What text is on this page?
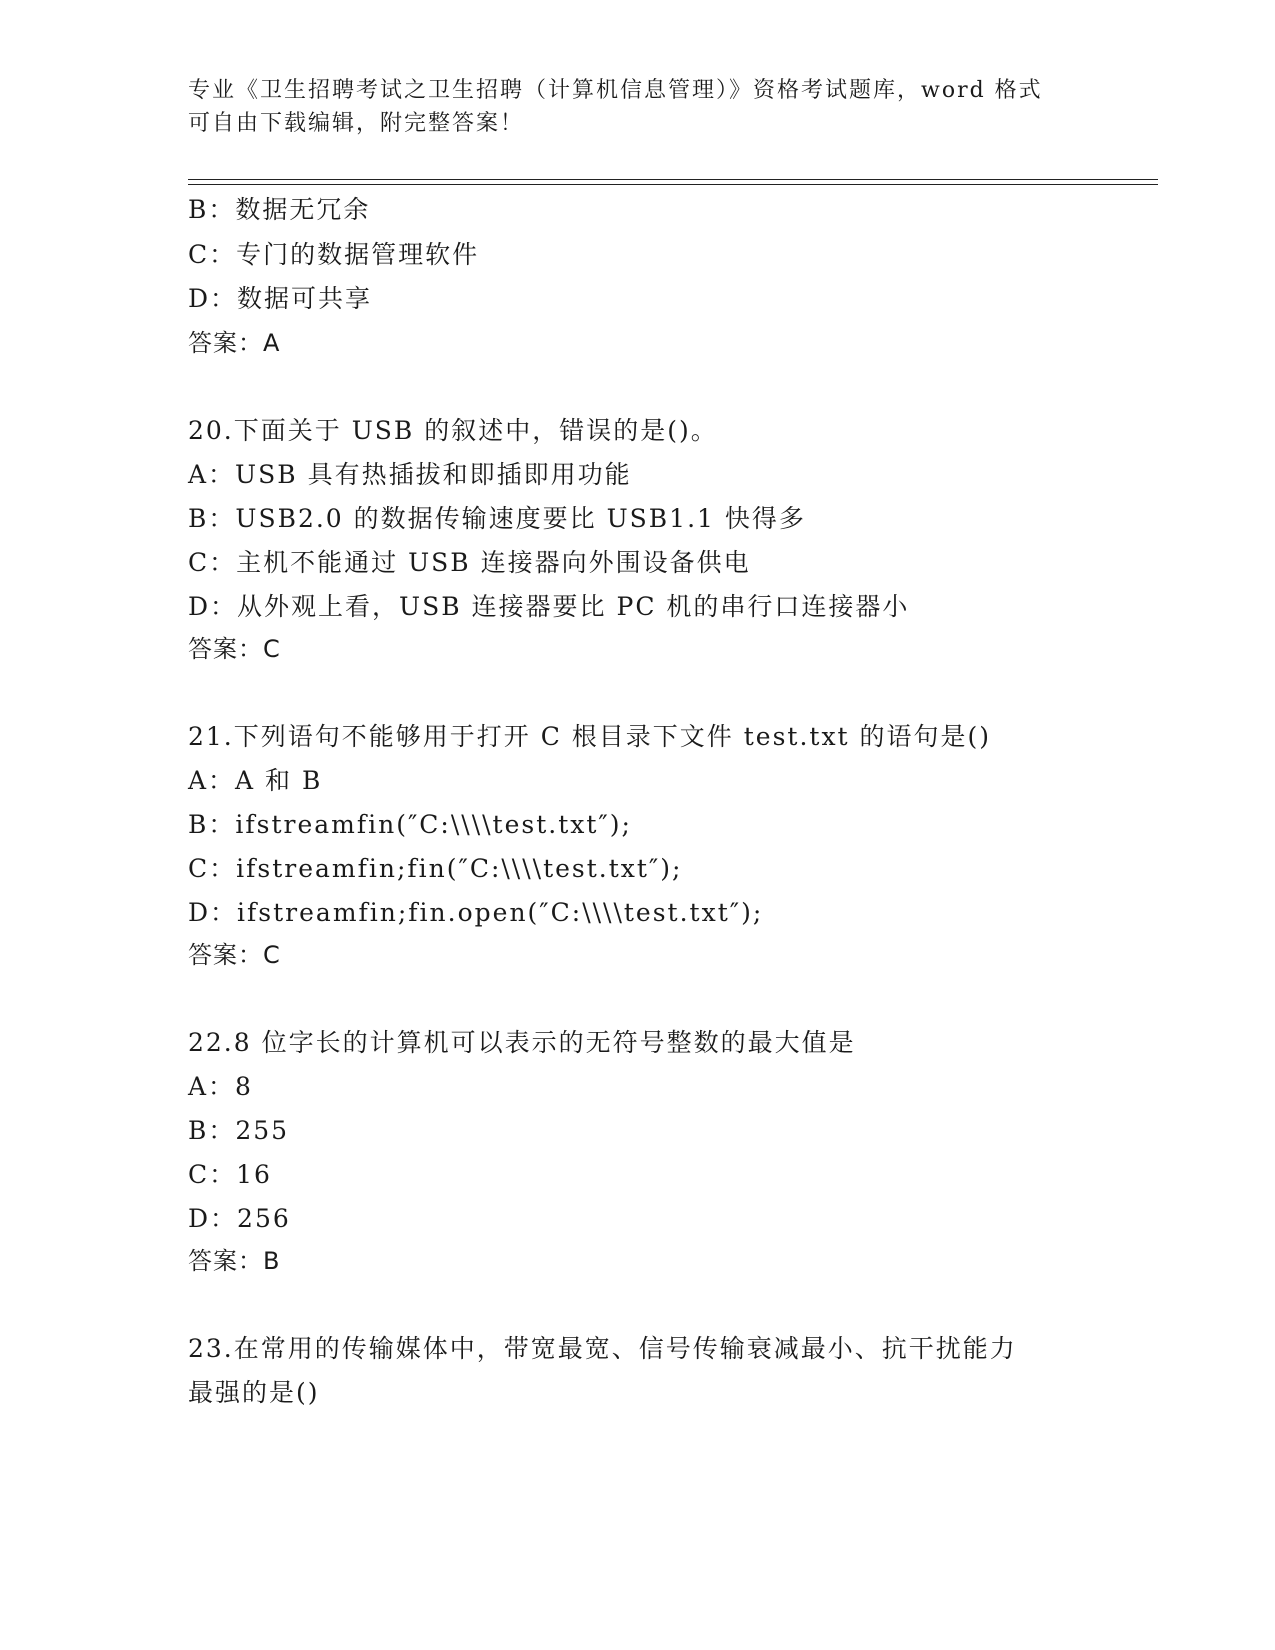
专业《卫生招聘考试之卫生招聘（计算机信息管理）》资格考试题库，word 格式
可自由下载编辑，附完整答案！
B：数据无冗余
C：专门的数据管理软件
D：数据可共享
答案：A
20.下面关于 USB 的叙述中，错误的是()。
A：USB 具有热插拔和即插即用功能
B：USB2.0 的数据传输速度要比 USB1.1 快得多
C：主机不能通过 USB 连接器向外围设备供电
D：从外观上看，USB 连接器要比 PC 机的串行口连接器小
答案：C
21.下列语句不能够用于打开 C 根目录下文件 test.txt 的语句是()
A：A 和 B
B：ifstreamfin(″C:\\\\test.txt″);
C：ifstreamfin;fin(″C:\\\\test.txt″);
D：ifstreamfin;fin.open(″C:\\\\test.txt″);
答案：C
22.8 位字长的计算机可以表示的无符号整数的最大值是
A：8
B：255
C：16
D：256
答案：B
23.在常用的传输媒体中，带宽最宽、信号传输衰减最小、抗干扰能力
最强的是()
